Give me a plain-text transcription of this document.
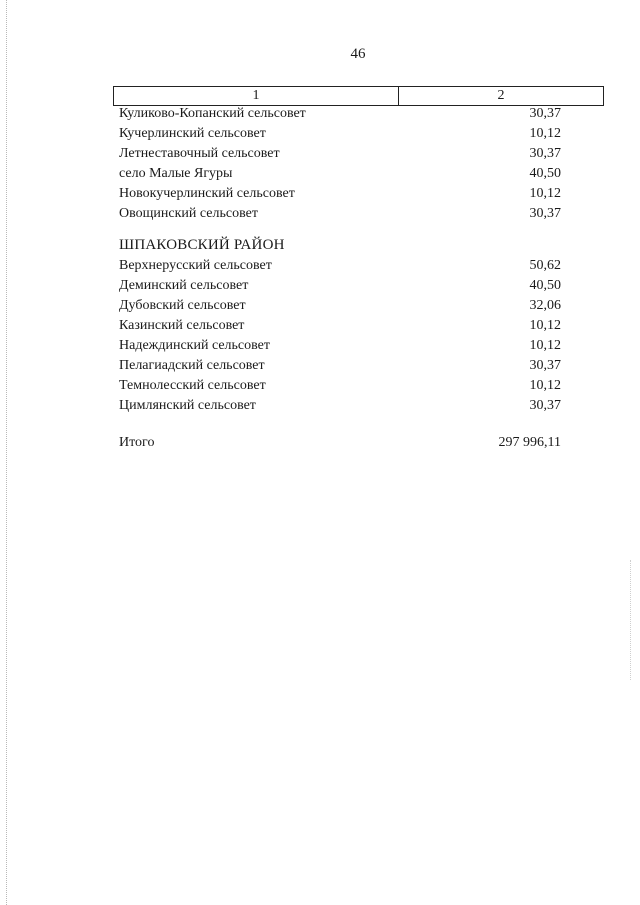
46
1	2
Куликово-Копанский сельсовет	30,37
Кучерлинский сельсовет	10,12
Летнеставочный сельсовет	30,37
село Малые Ягуры	40,50
Новокучерлинский сельсовет	10,12
Овощинский сельсовет	30,37
ШПАКОВСКИЙ РАЙОН
Верхнерусский сельсовет	50,62
Деминский сельсовет	40,50
Дубовский сельсовет	32,06
Казинский сельсовет	10,12
Надеждинский сельсовет	10,12
Пелагиадский сельсовет	30,37
Темнолесский сельсовет	10,12
Цимлянский сельсовет	30,37
Итого	297 996,11
